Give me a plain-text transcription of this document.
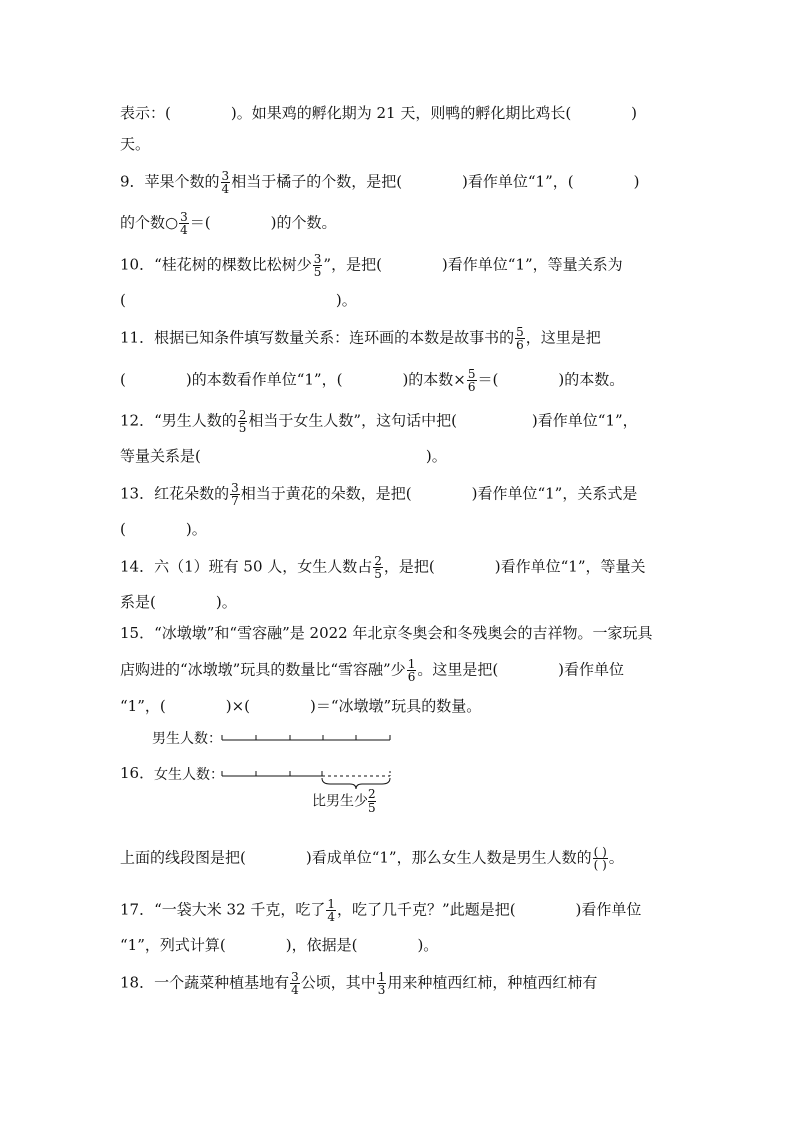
表示：(　　　　)。如果鸡的孵化期为 21 天，则鸭的孵化期比鸡长(　　　　)
天。
9．苹果个数的 $\frac{3}{4}$ 相当于橘子的个数，是把(　　　　)看作单位“1”，(　　　　)
的个数○ $\frac{3}{4}$ ＝(　　　　)的个数。
10．“桂花树的棵数比松树少 $\frac{3}{5}$ ”，是把(　　　　)看作单位“1”，等量关系为
(　　　　　　　　　　　　　　)。
11．根据已知条件填写数量关系：连环画的本数是故事书的 $\frac{5}{6}$ ，这里是把
(　　　　)的本数看作单位“1”，(　　　　)的本数× $\frac{5}{6}$ ＝(　　　　)的本数。
12．“男生人数的 $\frac{2}{5}$ 相当于女生人数”，这句话中把(　　　　　)看作单位“1”，
等量关系是(　　　　　　　　　　　　　　　)。
13．红花朵数的 $\frac{3}{7}$ 相当于黄花的朵数，是把(　　　　)看作单位“1”，关系式是
(　　　　)。
14．六（1）班有 50 人，女生人数占 $\frac{2}{5}$ ，是把(　　　　)看作单位“1”，等量关
系是(　　　　)。
15．“冰墩墩”和“雪容融”是 2022 年北京冬奥会和冬残奥会的吉祥物。一家玩具
店购进的“冰墩墩”玩具的数量比“雪容融”少 $\frac{1}{6}$ 。这里是把(　　　　)看作单位
“1”，(　　　　)×(　　　　)＝“冰墩墩”玩具的数量。
16．
男生人数：
女生人数：
比男生少 $\frac{2}{5}$
上面的线段图是把(　　　　)看成单位“1”，那么女生人数是男生人数的 $\frac{( )}{( )}$ 。
17．“一袋大米 32 千克，吃了 $\frac{1}{4}$ ，吃了几千克？”此题是把(　　　　)看作单位
“1”，列式计算(　　　　)，依据是(　　　　)。
18．一个蔬菜种植基地有 $\frac{3}{4}$ 公顷，其中 $\frac{1}{3}$ 用来种植西红柿，种植西红柿有
